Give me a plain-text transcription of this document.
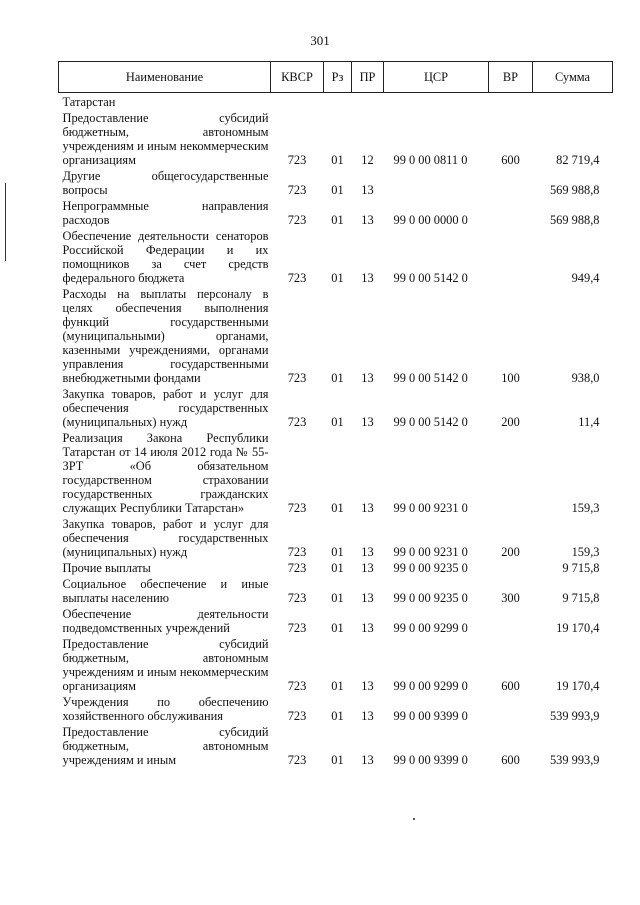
301
Наименование	КВСР	Рз	ПР	ЦСР	ВР	Сумма
Татарстан						
Предоставление субсидий бюджетным, автономным учреждениям и иным некоммерческим организациям	723	01	12	99 0 00 0811 0	600	82 719,4
Другие общегосударственные вопросы	723	01	13			569 988,8
Непрограммные направления расходов	723	01	13	99 0 00 0000 0		569 988,8
Обеспечение деятельности сенаторов Российской Федерации и их помощников за счет средств федерального бюджета	723	01	13	99 0 00 5142 0		949,4
Расходы на выплаты персоналу в целях обеспечения выполнения функций государственными (муниципальными) органами, казенными учреждениями, органами управления государственными внебюджетными фондами	723	01	13	99 0 00 5142 0	100	938,0
Закупка товаров, работ и услуг для обеспечения государственных (муниципальных) нужд	723	01	13	99 0 00 5142 0	200	11,4
Реализация Закона Республики Татарстан от 14 июля 2012 года № 55-ЗРТ «Об обязательном государственном страховании государственных гражданских служащих Республики Татарстан»	723	01	13	99 0 00 9231 0		159,3
Закупка товаров, работ и услуг для обеспечения государственных (муниципальных) нужд	723	01	13	99 0 00 9231 0	200	159,3
Прочие выплаты	723	01	13	99 0 00 9235 0		9 715,8
Социальное обеспечение и иные выплаты населению	723	01	13	99 0 00 9235 0	300	9 715,8
Обеспечение деятельности подведомственных учреждений	723	01	13	99 0 00 9299 0		19 170,4
Предоставление субсидий бюджетным, автономным учреждениям и иным некоммерческим организациям	723	01	13	99 0 00 9299 0	600	19 170,4
Учреждения по обеспечению хозяйственного обслуживания	723	01	13	99 0 00 9399 0		539 993,9
Предоставление субсидий бюджетным, автономным учреждениям и иным	723	01	13	99 0 00 9399 0	600	539 993,9
